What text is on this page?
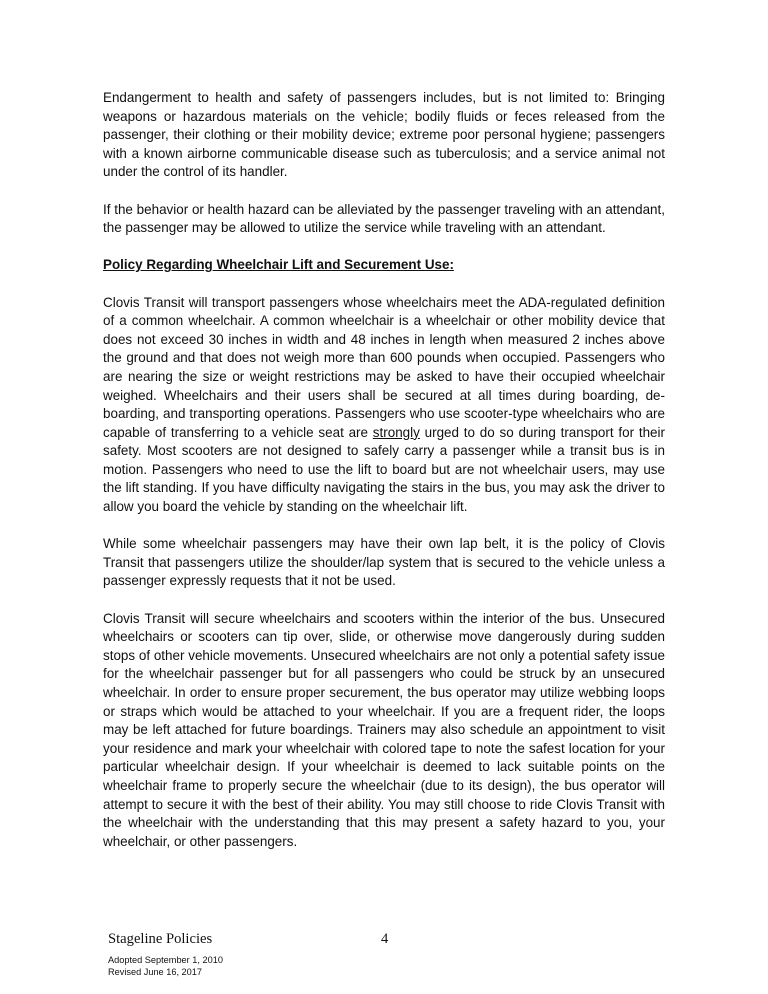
Endangerment to health and safety of passengers includes, but is not limited to: Bringing weapons or hazardous materials on the vehicle; bodily fluids or feces released from the passenger, their clothing or their mobility device; extreme poor personal hygiene; passengers with a known airborne communicable disease such as tuberculosis; and a service animal not under the control of its handler.

If the behavior or health hazard can be alleviated by the passenger traveling with an attendant, the passenger may be allowed to utilize the service while traveling with an attendant.

Policy Regarding Wheelchair Lift and Securement Use:

Clovis Transit will transport passengers whose wheelchairs meet the ADA-regulated definition of a common wheelchair. A common wheelchair is a wheelchair or other mobility device that does not exceed 30 inches in width and 48 inches in length when measured 2 inches above the ground and that does not weigh more than 600 pounds when occupied. Passengers who are nearing the size or weight restrictions may be asked to have their occupied wheelchair weighed. Wheelchairs and their users shall be secured at all times during boarding, de-boarding, and transporting operations. Passengers who use scooter-type wheelchairs who are capable of transferring to a vehicle seat are strongly urged to do so during transport for their safety. Most scooters are not designed to safely carry a passenger while a transit bus is in motion. Passengers who need to use the lift to board but are not wheelchair users, may use the lift standing. If you have difficulty navigating the stairs in the bus, you may ask the driver to allow you board the vehicle by standing on the wheelchair lift.

While some wheelchair passengers may have their own lap belt, it is the policy of Clovis Transit that passengers utilize the shoulder/lap system that is secured to the vehicle unless a passenger expressly requests that it not be used.

Clovis Transit will secure wheelchairs and scooters within the interior of the bus. Unsecured wheelchairs or scooters can tip over, slide, or otherwise move dangerously during sudden stops of other vehicle movements. Unsecured wheelchairs are not only a potential safety issue for the wheelchair passenger but for all passengers who could be struck by an unsecured wheelchair. In order to ensure proper securement, the bus operator may utilize webbing loops or straps which would be attached to your wheelchair. If you are a frequent rider, the loops may be left attached for future boardings. Trainers may also schedule an appointment to visit your residence and mark your wheelchair with colored tape to note the safest location for your particular wheelchair design. If your wheelchair is deemed to lack suitable points on the wheelchair frame to properly secure the wheelchair (due to its design), the bus operator will attempt to secure it with the best of their ability. You may still choose to ride Clovis Transit with the wheelchair with the understanding that this may present a safety hazard to you, your wheelchair, or other passengers.

Stageline Policies	4
Adopted September 1, 2010
Revised June 16, 2017
